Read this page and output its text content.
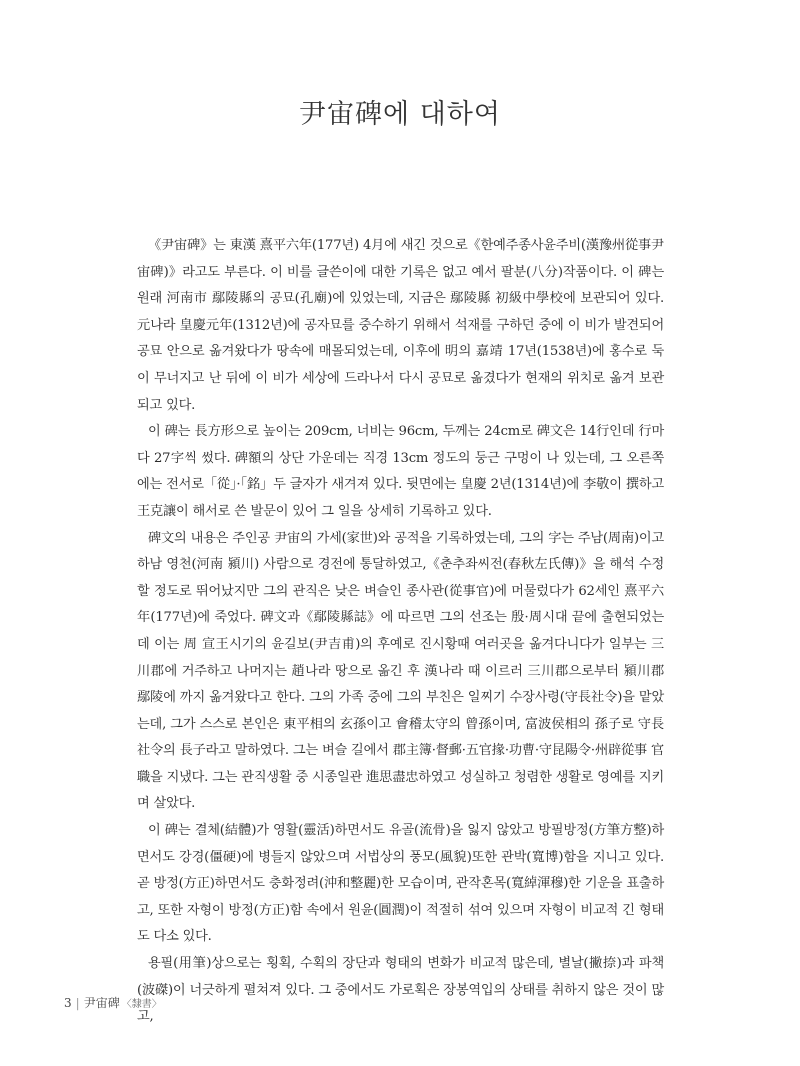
尹宙碑에 대하여

《尹宙碑》는 東漢 熹平六年(177년) 4月에 새긴 것으로《한예주종사윤주비(漢豫州從事尹宙碑)》라고도 부른다. 이 비를 글쓴이에 대한 기록은 없고 예서 팔분(八分)작품이다. 이 碑는 원래 河南市 鄢陵縣의 공묘(孔廟)에 있었는데, 지금은 鄢陵縣 初級中學校에 보관되어 있다. 元나라 皇慶元年(1312년)에 공자묘를 중수하기 위해서 석재를 구하던 중에 이 비가 발견되어 공묘 안으로 옮겨왔다가 땅속에 매몰되었는데, 이후에 明의 嘉靖 17년(1538년)에 홍수로 둑이 무너지고 난 뒤에 이 비가 세상에 드라나서 다시 공묘로 옮겼다가 현재의 위치로 옮겨 보관되고 있다.

이 碑는 長方形으로 높이는 209cm, 너비는 96cm, 두께는 24cm로 碑文은 14行인데 行마다 27字씩 썼다. 碑額의 상단 가운데는 직경 13cm 정도의 둥근 구멍이 나 있는데, 그 오른쪽에는 전서로「從」·「銘」두 글자가 새겨져 있다. 뒷면에는 皇慶 2년(1314년)에 李敬이 撰하고 王克讓이 해서로 쓴 발문이 있어 그 일을 상세히 기록하고 있다.

碑文의 내용은 주인공 尹宙의 가세(家世)와 공적을 기록하였는데, 그의 字는 주남(周南)이고 하남 영천(河南 潁川) 사람으로 경전에 통달하였고,《춘추좌씨전(春秋左氏傳)》을 해석 수정할 정도로 뛰어났지만 그의 관직은 낮은 벼슬인 종사관(從事官)에 머물렀다가 62세인 熹平六年(177년)에 죽었다. 碑文과《鄢陵縣誌》에 따르면 그의 선조는 殷·周시대 끝에 출현되었는데 이는 周 宣王시기의 윤길보(尹吉甫)의 후예로 진시황때 여러곳을 옮겨다니다가 일부는 三川郡에 거주하고 나머지는 趙나라 땅으로 옮긴 후 漢나라 때 이르러 三川郡으로부터 潁川郡 鄢陵에 까지 옮겨왔다고 한다. 그의 가족 중에 그의 부친은 일찌기 수장사령(守長社令)을 맡았는데, 그가 스스로 본인은 東平相의 玄孫이고 會稽太守의 曾孫이며, 富波侯相의 孫子로 守長社令의 長子라고 말하였다. 그는 벼슬 길에서 郡主簿·督郵·五官掾·功曹·守昆陽令·州辟從事 官職을 지냈다. 그는 관직생활 중 시종일관 進思盡忠하였고 성실하고 청렴한 생활로 영예를 지키며 살았다.

이 碑는 결체(結體)가 영활(靈活)하면서도 유골(流骨)을 잃지 않았고 방필방정(方筆方整)하면서도 강경(僵硬)에 병들지 않았으며 서법상의 풍모(風貌)또한 관박(寬博)함을 지니고 있다. 곧 방정(方正)하면서도 충화정려(沖和整麗)한 모습이며, 관작혼목(寬綽渾穆)한 기운을 표출하고, 또한 자형이 방정(方正)함 속에서 원윤(圓潤)이 적절히 섞여 있으며 자형이 비교적 긴 형태도 다소 있다.

용필(用筆)상으로는 횡획, 수획의 장단과 형태의 변화가 비교적 많은데, 별날(撇捺)과 파책(波磔)이 너긋하게 펼쳐져 있다. 그 중에서도 가로획은 장봉역입의 상태를 취하지 않은 것이 많고,

3 | 尹宙碑 〈隸書〉
